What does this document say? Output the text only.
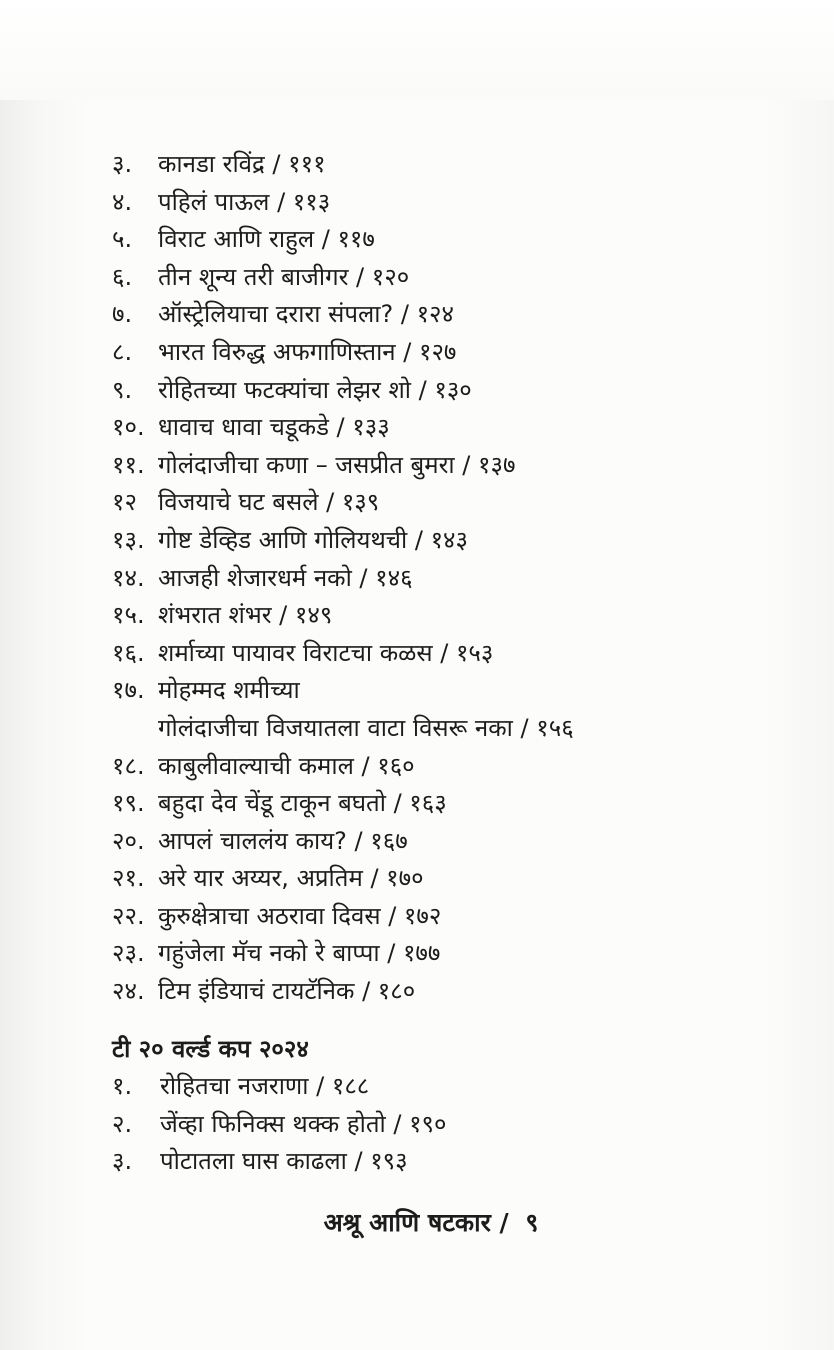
३. कानडा रविंद्र / १११
४. पहिलं पाऊल / ११३
५. विराट आणि राहुल / ११७
६. तीन शून्य तरी बाजीगर / १२०
७. ऑस्ट्रेलियाचा दरारा संपला? / १२४
८. भारत विरुद्ध अफगाणिस्तान / १२७
९. रोहितच्या फटक्यांचा लेझर शो / १३०
१०. धावाच धावा चडूकडे / १३३
११. गोलंदाजीचा कणा – जसप्रीत बुमरा / १३७
१२ विजयाचे घट बसले / १३९
१३. गोष्ट डेव्हिड आणि गोलियथची / १४३
१४. आजही शेजारधर्म नको / १४६
१५. शंभरात शंभर / १४९
१६. शर्माच्या पायावर विराटचा कळस / १५३
१७. मोहम्मद शमीच्या
गोलंदाजीचा विजयातला वाटा विसरू नका / १५६
१८. काबुलीवाल्याची कमाल / १६०
१९. बहुदा देव चेंडू टाकून बघतो / १६३
२०. आपलं चाललंय काय? / १६७
२१. अरे यार अय्यर, अप्रतिम / १७०
२२. कुरुक्षेत्राचा अठरावा दिवस / १७२
२३. गहुंजेला मॅच नको रे बाप्पा / १७७
२४. टिम इंडियाचं टायटॅनिक / १८०
टी २० वर्ल्ड कप २०२४
१. रोहितचा नजराणा / १८८
२. जेंव्हा फिनिक्स थक्क होतो / १९०
३. पोटातला घास काढला / १९३
अश्रू आणि षटकार / ९
